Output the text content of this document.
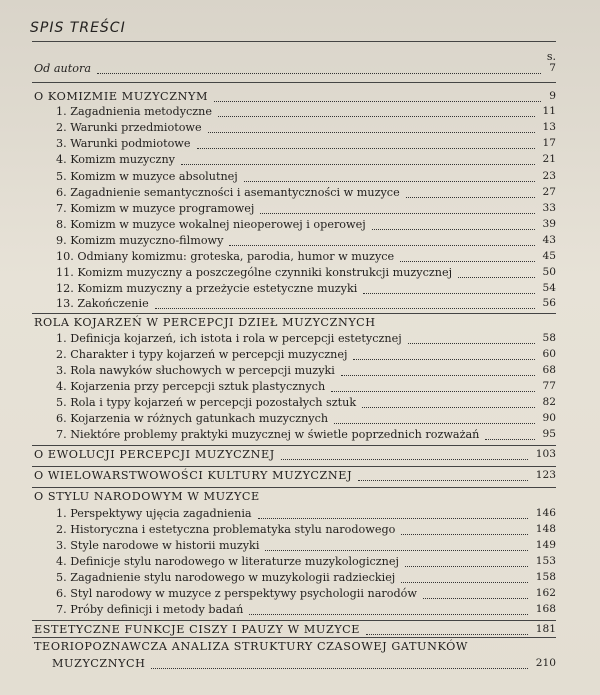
SPIS TREŚCI
s.
Od autora	7
O KOMIZMIE MUZYCZNYM	9
1. Zagadnienia metodyczne	11
2. Warunki przedmiotowe	13
3. Warunki podmiotowe	17
4. Komizm muzyczny	21
5. Komizm w muzyce absolutnej	23
6. Zagadnienie semantyczności i asemantyczności w muzyce	27
7. Komizm w muzyce programowej	33
8. Komizm w muzyce wokalnej nieoperowej i operowej	39
9. Komizm muzyczno-filmowy	43
10. Odmiany komizmu: groteska, parodia, humor w muzyce	45
11. Komizm muzyczny a poszczególne czynniki konstrukcji muzycznej	50
12. Komizm muzyczny a przeżycie estetyczne muzyki	54
13. Zakończenie	56
ROLA KOJARZEŃ W PERCEPCJI DZIEŁ MUZYCZNYCH
1. Definicja kojarzeń, ich istota i rola w percepcji estetycznej	58
2. Charakter i typy kojarzeń w percepcji muzycznej	60
3. Rola nawyków słuchowych w percepcji muzyki	68
4. Kojarzenia przy percepcji sztuk plastycznych	77
5. Rola i typy kojarzeń w percepcji pozostałych sztuk	82
6. Kojarzenia w różnych gatunkach muzycznych	90
7. Niektóre problemy praktyki muzycznej w świetle poprzednich rozważań	95
O EWOLUCJI PERCEPCJI MUZYCZNEJ	103
O WIELOWARSTWOWOŚCI KULTURY MUZYCZNEJ	123
O STYLU NARODOWYM W MUZYCE
1. Perspektywy ujęcia zagadnienia	146
2. Historyczna i estetyczna problematyka stylu narodowego	148
3. Style narodowe w historii muzyki	149
4. Definicje stylu narodowego w literaturze muzykologicznej	153
5. Zagadnienie stylu narodowego w muzykologii radzieckiej	158
6. Styl narodowy w muzyce z perspektywy psychologii narodów	162
7. Próby definicji i metody badań	168
ESTETYCZNE FUNKCJE CISZY I PAUZY W MUZYCE	181
TEORIOPOZNAWCZA ANALIZA STRUKTURY CZASOWEJ GATUNKÓW
MUZYCZNYCH	210
